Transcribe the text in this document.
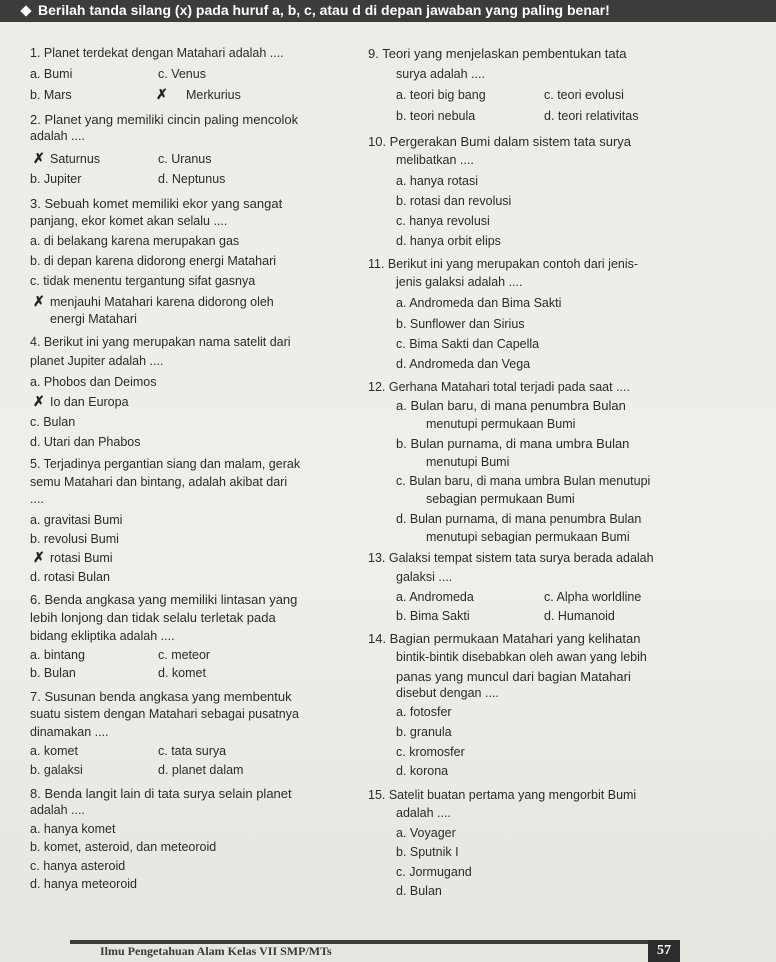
Berilah tanda silang (x) pada huruf a, b, c, atau d di depan jawaban yang paling benar!
1. Planet terdekat dengan Matahari adalah ....
a. Bumi	c. Venus
b. Mars	✗ Merkurius
2. Planet yang memiliki cincin paling mencolok
adalah ....
✗ Saturnus	c. Uranus
b. Jupiter	d. Neptunus
3. Sebuah komet memiliki ekor yang sangat
panjang, ekor komet akan selalu ....
a. di belakang karena merupakan gas
b. di depan karena didorong energi Matahari
c. tidak menentu tergantung sifat gasnya
✗ menjauhi Matahari karena didorong oleh
energi Matahari
4. Berikut ini yang merupakan nama satelit dari
planet Jupiter adalah ....
a. Phobos dan Deimos
✗ Io dan Europa
c. Bulan
d. Utari dan Phabos
5. Terjadinya pergantian siang dan malam, gerak
semu Matahari dan bintang, adalah akibat dari
....
a. gravitasi Bumi
b. revolusi Bumi
✗ rotasi Bumi
d. rotasi Bulan
6. Benda angkasa yang memiliki lintasan yang
lebih lonjong dan tidak selalu terletak pada
bidang ekliptika adalah ....
a. bintang	c. meteor
b. Bulan	d. komet
7. Susunan benda angkasa yang membentuk
suatu sistem dengan Matahari sebagai pusatnya
dinamakan ....
a. komet	c. tata surya
b. galaksi	d. planet dalam
8. Benda langit lain di tata surya selain planet
adalah ....
a. hanya komet
b. komet, asteroid, dan meteoroid
c. hanya asteroid
d. hanya meteoroid
9. Teori yang menjelaskan pembentukan tata
surya adalah ....
a. teori big bang	c. teori evolusi
b. teori nebula	d. teori relativitas
10. Pergerakan Bumi dalam sistem tata surya
melibatkan ....
a. hanya rotasi
b. rotasi dan revolusi
c. hanya revolusi
d. hanya orbit elips
11. Berikut ini yang merupakan contoh dari jenis-
jenis galaksi adalah ....
a. Andromeda dan Bima Sakti
b. Sunflower dan Sirius
c. Bima Sakti dan Capella
d. Andromeda dan Vega
12. Gerhana Matahari total terjadi pada saat ....
a. Bulan baru, di mana penumbra Bulan
menutupi permukaan Bumi
b. Bulan purnama, di mana umbra Bulan
menutupi Bumi
c. Bulan baru, di mana umbra Bulan menutupi
sebagian permukaan Bumi
d. Bulan purnama, di mana penumbra Bulan
menutupi sebagian permukaan Bumi
13. Galaksi tempat sistem tata surya berada adalah
galaksi ....
a. Andromeda	c. Alpha worldline
b. Bima Sakti	d. Humanoid
14. Bagian permukaan Matahari yang kelihatan
bintik-bintik disebabkan oleh awan yang lebih
panas yang muncul dari bagian Matahari
disebut dengan ....
a. fotosfer
b. granula
c. kromosfer
d. korona
15. Satelit buatan pertama yang mengorbit Bumi
adalah ....
a. Voyager
b. Sputnik I
c. Jormugand
d. Bulan
Ilmu Pengetahuan Alam Kelas VII SMP/MTs	57
